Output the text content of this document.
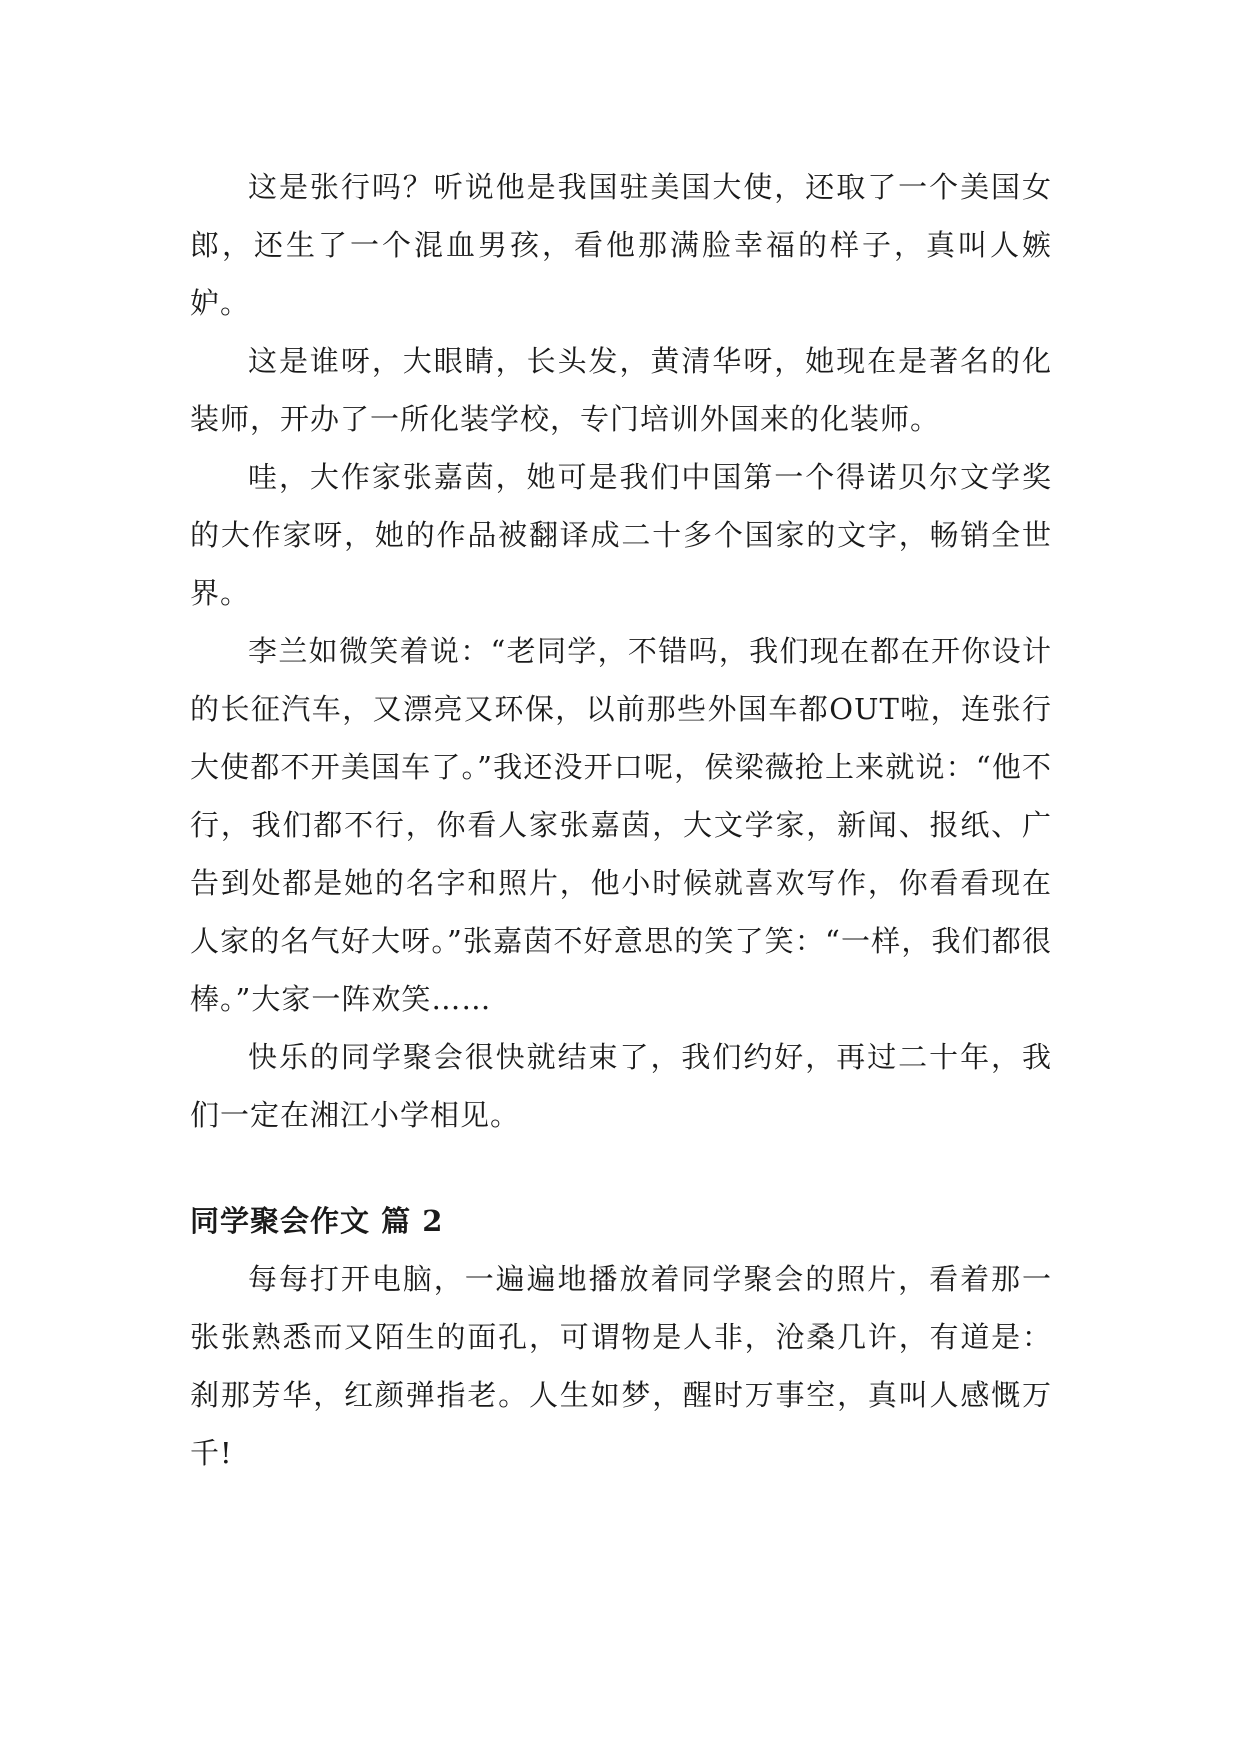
这是张行吗？听说他是我国驻美国大使，还取了一个美国女郎，还生了一个混血男孩，看他那满脸幸福的样子，真叫人嫉妒。

这是谁呀，大眼睛，长头发，黄清华呀，她现在是著名的化装师，开办了一所化装学校，专门培训外国来的化装师。

哇，大作家张嘉茵，她可是我们中国第一个得诺贝尔文学奖的大作家呀，她的作品被翻译成二十多个国家的文字，畅销全世界。

李兰如微笑着说：“老同学，不错吗，我们现在都在开你设计的长征汽车，又漂亮又环保，以前那些外国车都OUT啦，连张行大使都不开美国车了。”我还没开口呢，侯梁薇抢上来就说：“他不行，我们都不行，你看人家张嘉茵，大文学家，新闻、报纸、广告到处都是她的名字和照片，他小时候就喜欢写作，你看看现在人家的名气好大呀。”张嘉茵不好意思的笑了笑：“一样，我们都很棒。”大家一阵欢笑……

快乐的同学聚会很快就结束了，我们约好，再过二十年，我们一定在湘江小学相见。

同学聚会作文 篇 2

每每打开电脑，一遍遍地播放着同学聚会的照片，看着那一张张熟悉而又陌生的面孔，可谓物是人非，沧桑几许，有道是：刹那芳华，红颜弹指老。人生如梦，醒时万事空，真叫人感慨万千!
